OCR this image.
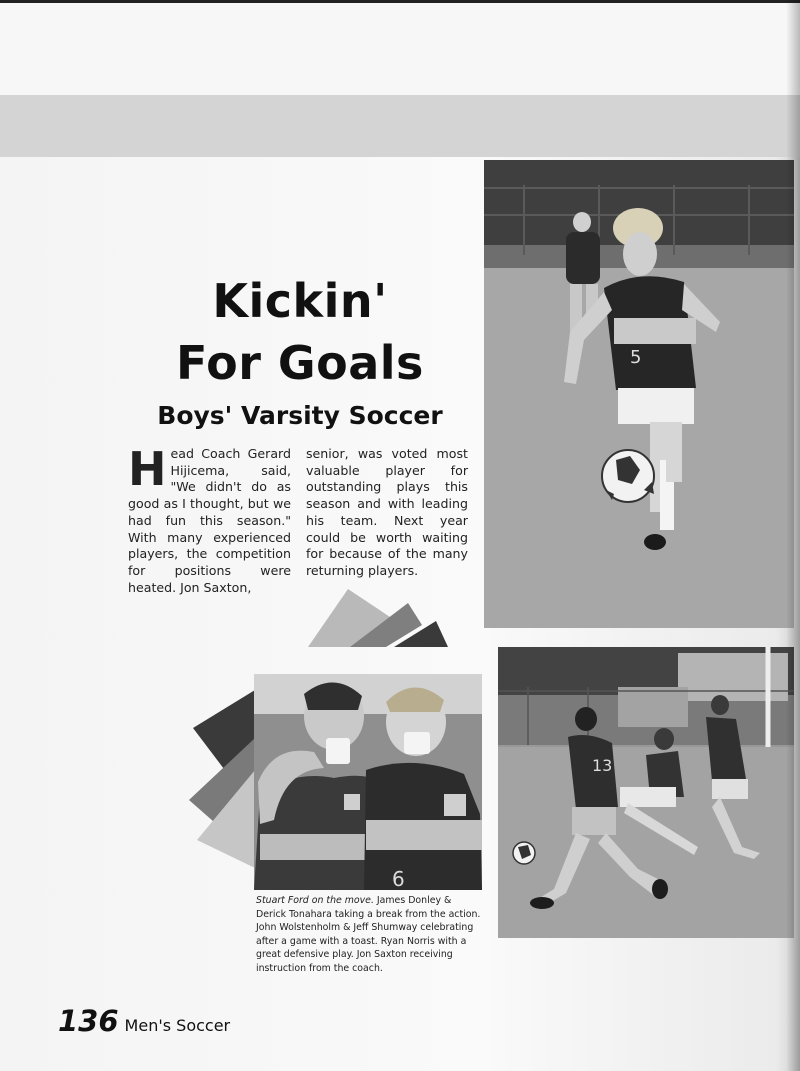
5
Kickin'
For Goals
Boys' Varsity Soccer
Head Coach Gerard Hijicema, said, "We didn't do as good as I thought, but we had fun this season." With many experienced players, the competition for positions were heated. Jon Saxton,
senior, was voted most valuable player for outstanding plays this season and with leading his team. Next year could be worth waiting for because of the many returning players.
6
13
Stuart Ford on the move. James Donley & Derick Tonahara taking a break from the action. John Wolstenholm & Jeff Shumway celebrating after a game with a toast. Ryan Norris with a great defensive play. Jon Saxton receiving instruction from the coach.
136 Men's Soccer
